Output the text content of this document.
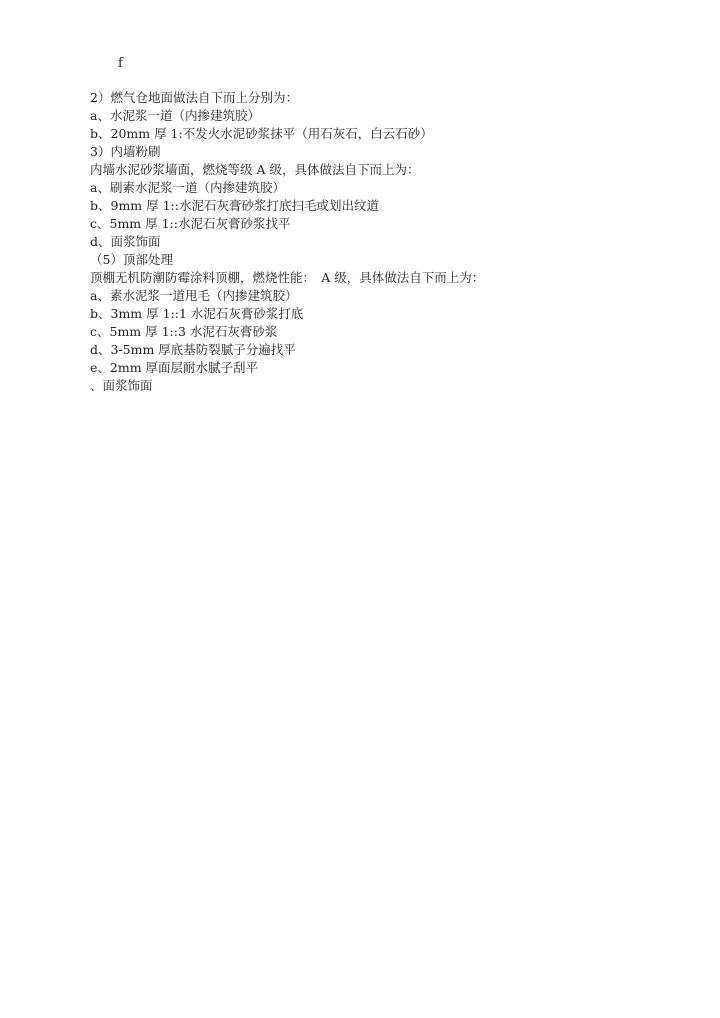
f

2）燃气仓地面做法自下而上分别为：

a、水泥浆一道（内掺建筑胶）

b、20mm 厚 1:不发火水泥砂浆抹平（用石灰石，白云石砂）

3）内墙粉刷

内墙水泥砂浆墙面，燃烧等级 A 级，具体做法自下而上为：

a、刷素水泥浆一道（内掺建筑胶）

b、9mm 厚 1::水泥石灰膏砂浆打底扫毛或划出纹道

c、5mm 厚 1::水泥石灰膏砂浆找平

d、面浆饰面

（5）顶部处理

顶棚无机防潮防霉涂料顶棚，燃烧性能：　A 级，具体做法自下而上为：

a、素水泥浆一道甩毛（内掺建筑胶）

b、3mm 厚 1::1 水泥石灰膏砂浆打底

c、5mm 厚 1::3 水泥石灰膏砂浆

d、3-5mm 厚底基防裂腻子分遍找平

e、2mm 厚面层耐水腻子刮平

、面浆饰面
